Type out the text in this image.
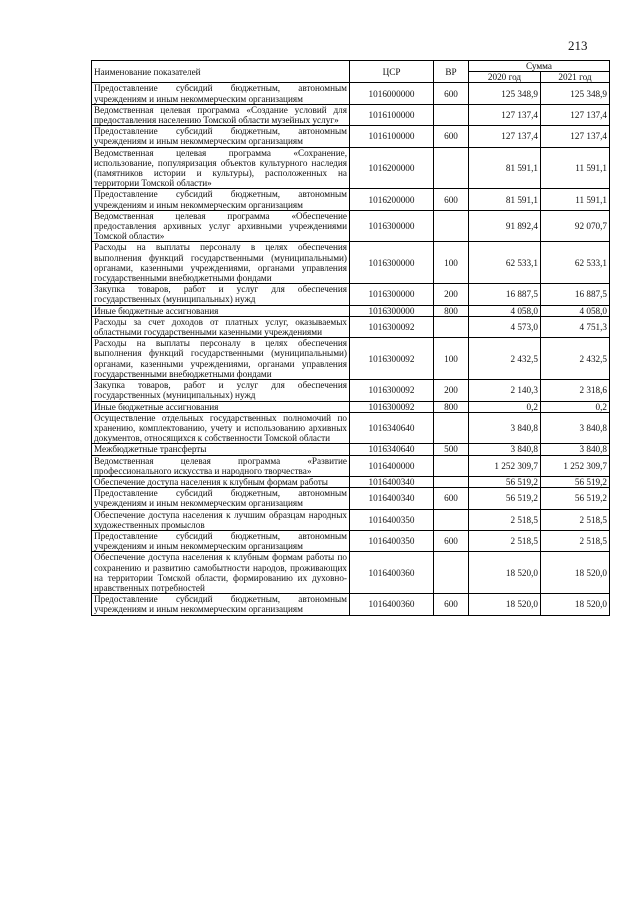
213
Наименование показателей	ЦСР	ВР	Сумма	
			2020 год	2021 год
Предоставление субсидий бюджетным, автономным учреждениям и иным некоммерческим организациям	1016000000	600	125 348,9	125 348,9
Ведомственная целевая программа «Создание условий для предоставления населению Томской области музейных услуг»	1016100000		127 137,4	127 137,4
Предоставление субсидий бюджетным, автономным учреждениям и иным некоммерческим организациям	1016100000	600	127 137,4	127 137,4
Ведомственная целевая программа «Сохранение, использование, популяризация объектов культурного наследия (памятников истории и культуры), расположенных на территории Томской области»	1016200000		81 591,1	11 591,1
Предоставление субсидий бюджетным, автономным учреждениям и иным некоммерческим организациям	1016200000	600	81 591,1	11 591,1
Ведомственная целевая программа «Обеспечение предоставления архивных услуг архивными учреждениями Томской области»	1016300000		91 892,4	92 070,7
Расходы на выплаты персоналу в целях обеспечения выполнения функций государственными (муниципальными) органами, казенными учреждениями, органами управления государственными внебюджетными фондами	1016300000	100	62 533,1	62 533,1
Закупка товаров, работ и услуг для обеспечения государственных (муниципальных) нужд	1016300000	200	16 887,5	16 887,5
Иные бюджетные ассигнования	1016300000	800	4 058,0	4 058,0
Расходы за счет доходов от платных услуг, оказываемых областными государственными казенными учреждениями	1016300092		4 573,0	4 751,3
Расходы на выплаты персоналу в целях обеспечения выполнения функций государственными (муниципальными) органами, казенными учреждениями, органами управления государственными внебюджетными фондами	1016300092	100	2 432,5	2 432,5
Закупка товаров, работ и услуг для обеспечения государственных (муниципальных) нужд	1016300092	200	2 140,3	2 318,6
Иные бюджетные ассигнования	1016300092	800	0,2	0,2
Осуществление отдельных государственных полномочий по хранению, комплектованию, учету и использованию архивных документов, относящихся к собственности Томской области	1016340640		3 840,8	3 840,8
Межбюджетные трансферты	1016340640	500	3 840,8	3 840,8
Ведомственная целевая программа «Развитие профессионального искусства и народного творчества»	1016400000		1 252 309,7	1 252 309,7
Обеспечение доступа населения к клубным формам работы	1016400340		56 519,2	56 519,2
Предоставление субсидий бюджетным, автономным учреждениям и иным некоммерческим организациям	1016400340	600	56 519,2	56 519,2
Обеспечение доступа населения к лучшим образцам народных художественных промыслов	1016400350		2 518,5	2 518,5
Предоставление субсидий бюджетным, автономным учреждениям и иным некоммерческим организациям	1016400350	600	2 518,5	2 518,5
Обеспечение доступа населения к клубным формам работы по сохранению и развитию самобытности народов, проживающих на территории Томской области, формированию их духовно-нравственных потребностей	1016400360		18 520,0	18 520,0
Предоставление субсидий бюджетным, автономным учреждениям и иным некоммерческим организациям	1016400360	600	18 520,0	18 520,0
